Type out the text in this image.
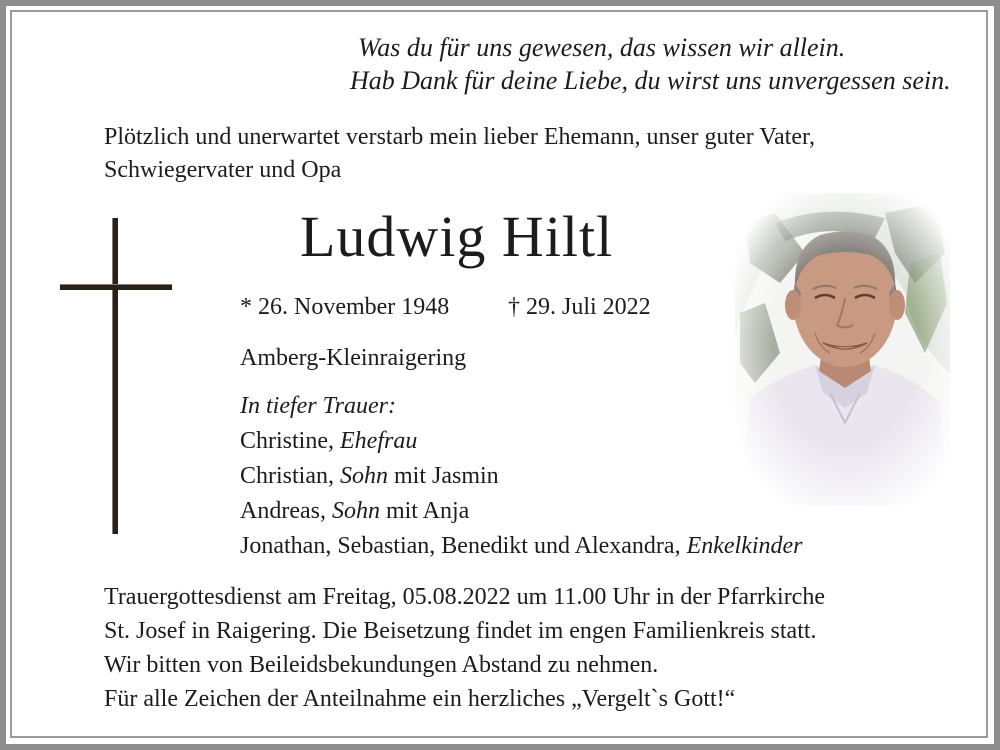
Was du für uns gewesen, das wissen wir allein.
Hab Dank für deine Liebe, du wirst uns unvergessen sein.
Plötzlich und unerwartet verstarb mein lieber Ehemann, unser guter Vater,
Schwiegervater und Opa
Ludwig Hiltl
* 26. November 1948 † 29. Juli 2022
Amberg-Kleinraigering
In tiefer Trauer:
Christine, Ehefrau
Christian, Sohn mit Jasmin
Andreas, Sohn mit Anja
Jonathan, Sebastian, Benedikt und Alexandra, Enkelkinder
Trauergottesdienst am Freitag, 05.08.2022 um 11.00 Uhr in der Pfarrkirche
St. Josef in Raigering. Die Beisetzung findet im engen Familienkreis statt.
Wir bitten von Beileidsbekundungen Abstand zu nehmen.
Für alle Zeichen der Anteilnahme ein herzliches „Vergelt`s Gott!“
